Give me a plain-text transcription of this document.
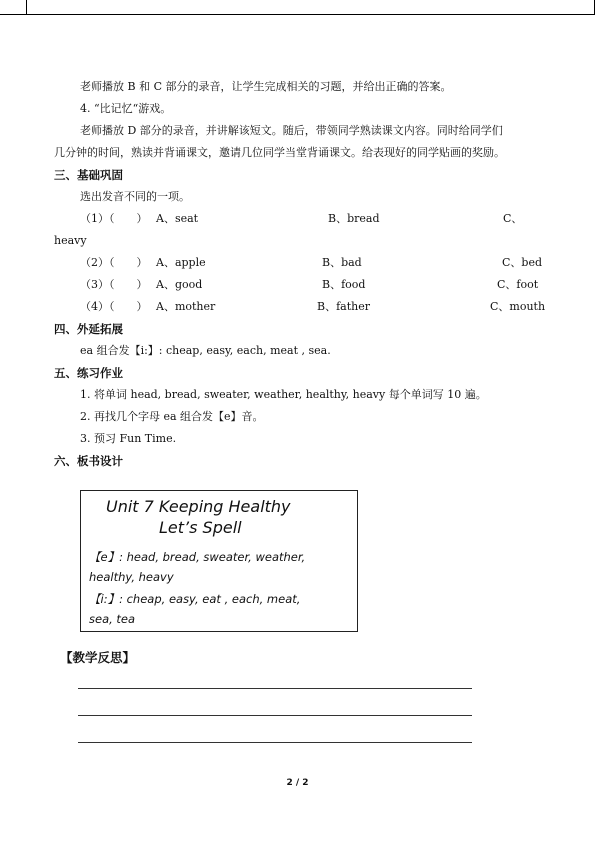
老师播放 B 和 C 部分的录音，让学生完成相关的习题，并给出正确的答案。
4. “比记忆“游戏。
老师播放 D 部分的录音，并讲解该短文。随后，带领同学熟读课文内容。同时给同学们
几分钟的时间，熟读并背诵课文，邀请几位同学当堂背诵课文。给表现好的同学贴画的奖励。
三、基础巩固
选出发音不同的一项。
（1）（　　） A、seat	B、bread	C、
heavy
（2）（　　） A、apple	B、bad	C、bed
（3）（　　） A、good	B、food	C、foot
（4）（　　） A、mother	B、father	C、mouth
四、外延拓展
ea 组合发【i:】: cheap, easy, each, meat , sea.
五、练习作业
1. 将单词 head, bread, sweater, weather, healthy, heavy 每个单词写 10 遍。
2. 再找几个字母 ea 组合发【e】音。
3. 预习 Fun Time.
六、板书设计
Unit 7 Keeping Healthy
Let’s Spell
【e】: head, bread, sweater, weather,
healthy, heavy
【i:】: cheap, easy, eat , each, meat,
sea, tea
【教学反思】
2 / 2
